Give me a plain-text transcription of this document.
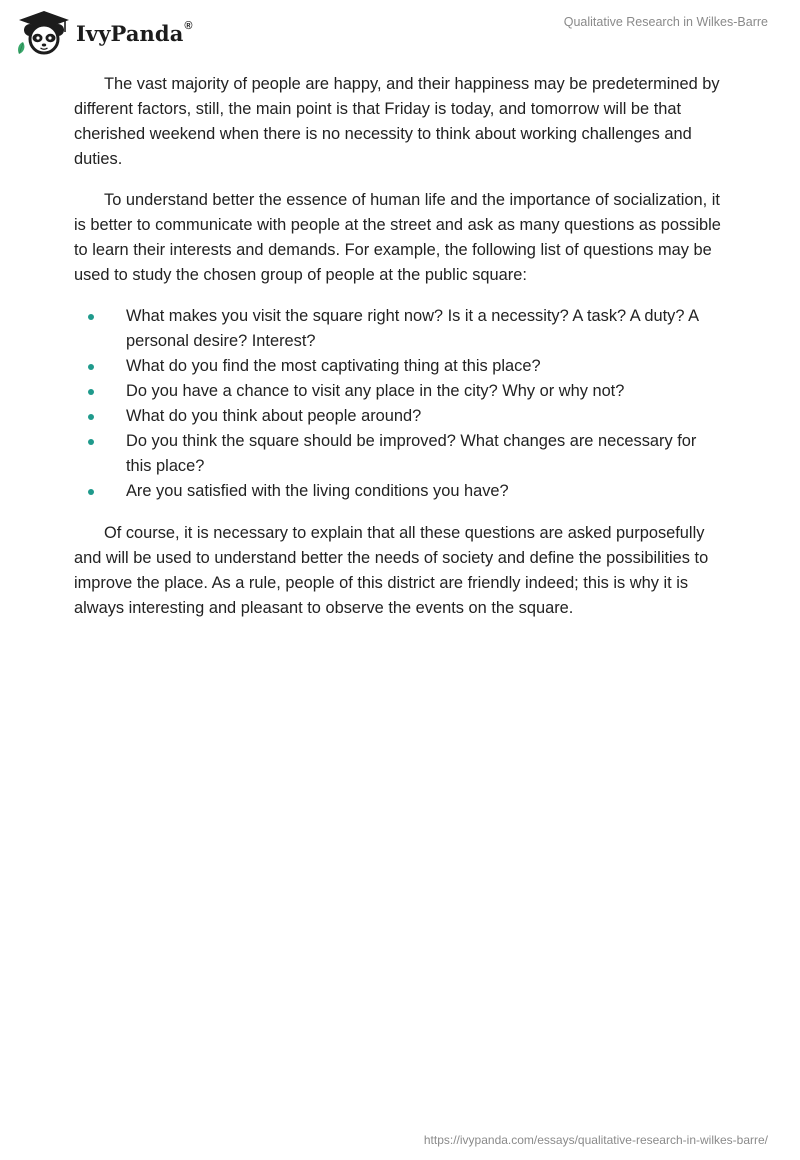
IvyPanda®	Qualitative Research in Wilkes-Barre

The vast majority of people are happy, and their happiness may be predetermined by different factors, still, the main point is that Friday is today, and tomorrow will be that cherished weekend when there is no necessity to think about working challenges and duties.

To understand better the essence of human life and the importance of socialization, it is better to communicate with people at the street and ask as many questions as possible to learn their interests and demands. For example, the following list of questions may be used to study the chosen group of people at the public square:

What makes you visit the square right now? Is it a necessity? A task? A duty? A personal desire? Interest?
What do you find the most captivating thing at this place?
Do you have a chance to visit any place in the city? Why or why not?
What do you think about people around?
Do you think the square should be improved? What changes are necessary for this place?
Are you satisfied with the living conditions you have?

Of course, it is necessary to explain that all these questions are asked purposefully and will be used to understand better the needs of society and define the possibilities to improve the place. As a rule, people of this district are friendly indeed; this is why it is always interesting and pleasant to observe the events on the square.

https://ivypanda.com/essays/qualitative-research-in-wilkes-barre/
